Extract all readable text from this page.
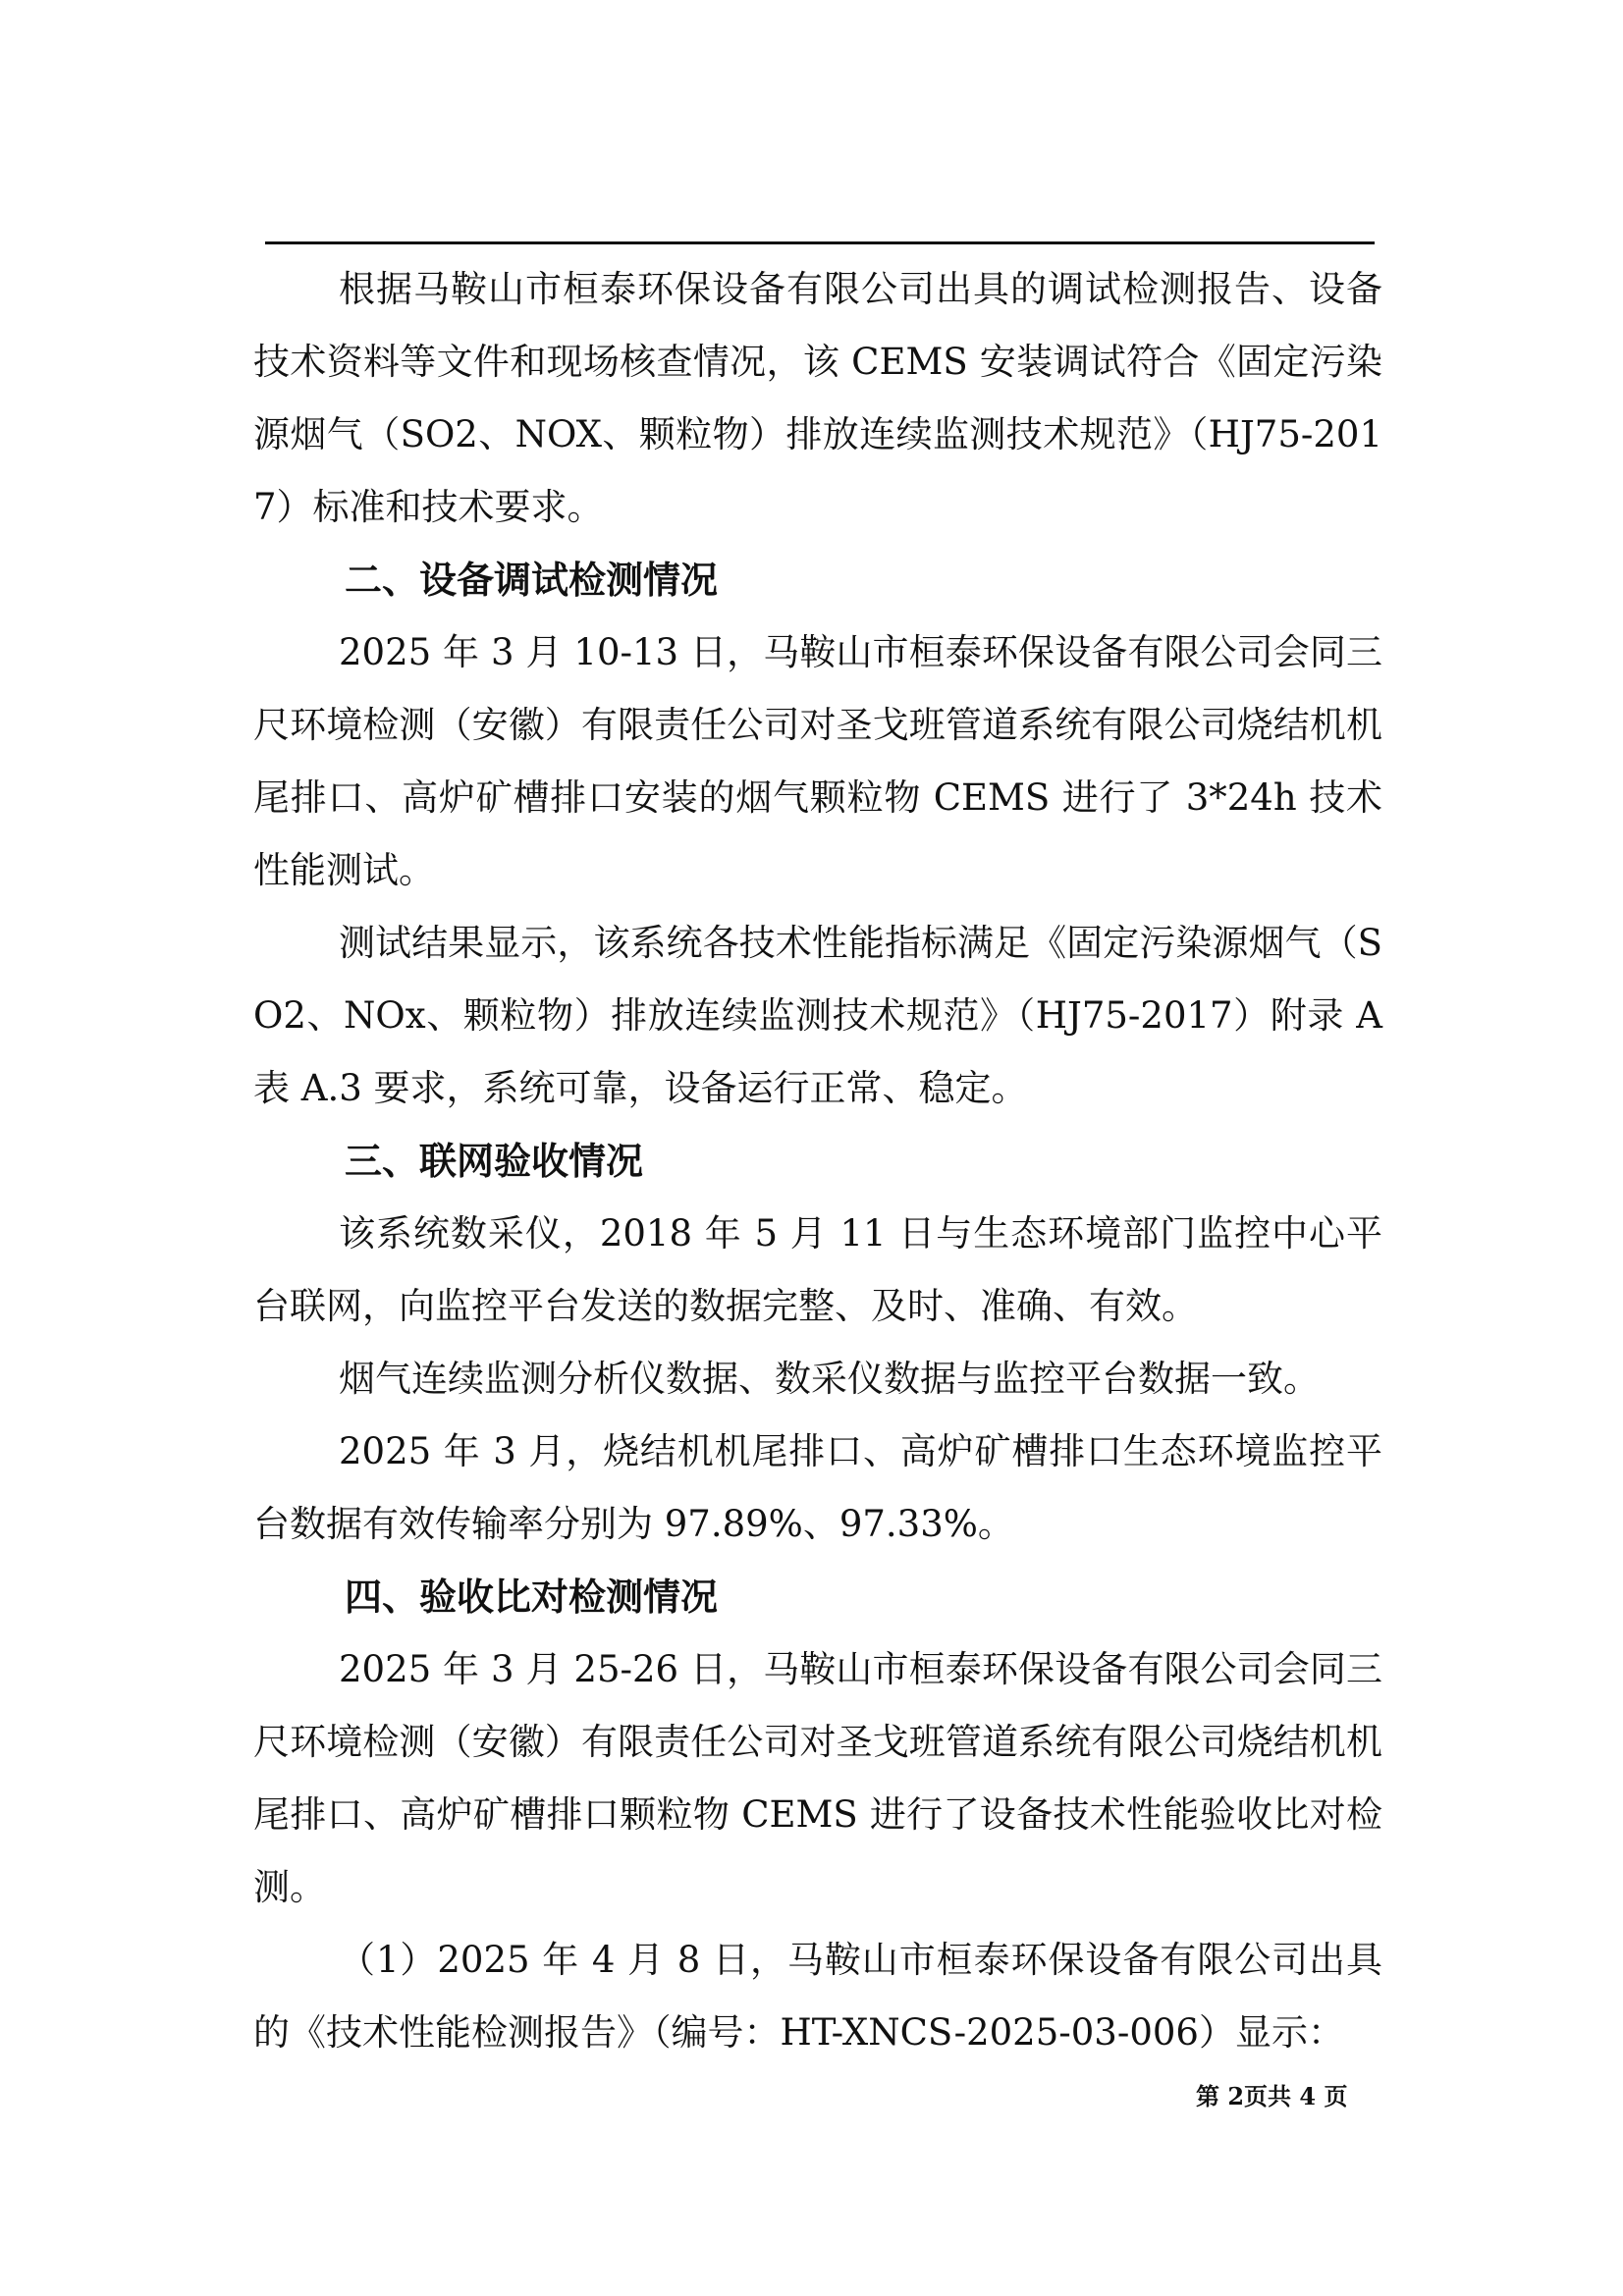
根据马鞍山市桓泰环保设备有限公司出具的调试检测报告、设备技术资料等文件和现场核查情况，该 CEMS 安装调试符合《固定污染源烟气（SO2、NOX、颗粒物）排放连续监测技术规范》（HJ75-2017）标准和技术要求。

二、设备调试检测情况

2025 年 3 月 10-13 日，马鞍山市桓泰环保设备有限公司会同三尺环境检测（安徽）有限责任公司对圣戈班管道系统有限公司烧结机机尾排口、高炉矿槽排口安装的烟气颗粒物 CEMS 进行了 3*24h 技术性能测试。

测试结果显示，该系统各技术性能指标满足《固定污染源烟气（SO2、NOx、颗粒物）排放连续监测技术规范》（HJ75-2017）附录 A 表 A.3 要求，系统可靠，设备运行正常、稳定。

三、联网验收情况

该系统数采仪，2018 年 5 月 11 日与生态环境部门监控中心平台联网，向监控平台发送的数据完整、及时、准确、有效。

烟气连续监测分析仪数据、数采仪数据与监控平台数据一致。

2025 年 3 月，烧结机机尾排口、高炉矿槽排口生态环境监控平台数据有效传输率分别为 97.89%、97.33%。

四、验收比对检测情况

2025 年 3 月 25-26 日，马鞍山市桓泰环保设备有限公司会同三尺环境检测（安徽）有限责任公司对圣戈班管道系统有限公司烧结机机尾排口、高炉矿槽排口颗粒物 CEMS 进行了设备技术性能验收比对检测。

（1）2025 年 4 月 8 日，马鞍山市桓泰环保设备有限公司出具的《技术性能检测报告》（编号：HT-XNCS-2025-03-006）显示：

第 2页共 4 页
